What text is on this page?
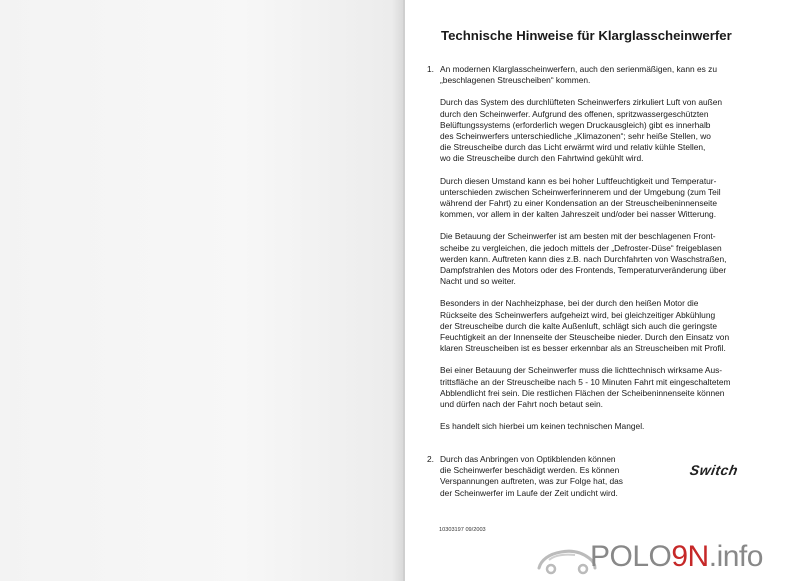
Technische Hinweise für Klarglasscheinwerfer
1. An modernen Klarglasscheinwerfern, auch den serienmäßigen, kann es zu
„beschlagenen Streuscheiben“ kommen.

Durch das System des durchlüfteten Scheinwerfers zirkuliert Luft von außen
durch den Scheinwerfer. Aufgrund des offenen, spritzwassergeschützten
Belüftungssystems (erforderlich wegen Druckausgleich) gibt es innerhalb
des Scheinwerfers unterschiedliche „Klimazonen“; sehr heiße Stellen, wo
die Streuscheibe durch das Licht erwärmt wird und relativ kühle Stellen,
wo die Streuscheibe durch den Fahrtwind gekühlt wird.

Durch diesen Umstand kann es bei hoher Luftfeuchtigkeit und Temperatur-
unterschieden zwischen Scheinwerferinnerem und der Umgebung (zum Teil
während der Fahrt) zu einer Kondensation an der Streuscheibeninnenseite
kommen, vor allem in der kalten Jahreszeit und/oder bei nasser Witterung.

Die Betauung der Scheinwerfer ist am besten mit der beschlagenen Front-
scheibe zu vergleichen, die jedoch mittels der „Defroster-Düse“ freigeblasen
werden kann. Auftreten kann dies z.B. nach Durchfahrten von Waschstraßen,
Dampfstrahlen des Motors oder des Frontends, Temperaturveränderung über
Nacht und so weiter.

Besonders in der Nachheizphase, bei der durch den heißen Motor die
Rückseite des Scheinwerfers aufgeheizt wird, bei gleichzeitiger Abkühlung
der Streuscheibe durch die kalte Außenluft, schlägt sich auch die geringste
Feuchtigkeit an der Innenseite der Steuscheibe nieder. Durch den Einsatz von
klaren Streuscheiben ist es besser erkennbar als an Streuscheiben mit Profil.

Bei einer Betauung der Scheinwerfer muss die lichttechnisch wirksame Aus-
trittsfläche an der Streuscheibe nach 5 - 10 Minuten Fahrt mit eingeschaltetem
Abblendlicht frei sein. Die restlichen Flächen der Scheibeninnenseite können
und dürfen nach der Fahrt noch betaut sein.

Es handelt sich hierbei um keinen technischen Mangel.

2. Durch das Anbringen von Optikblenden können
die Scheinwerfer beschädigt werden. Es können
Verspannungen auftreten, was zur Folge hat, das
der Scheinwerfer im Laufe der Zeit undicht wird.

Switch
10303197 09/2003
POLO9N.info
